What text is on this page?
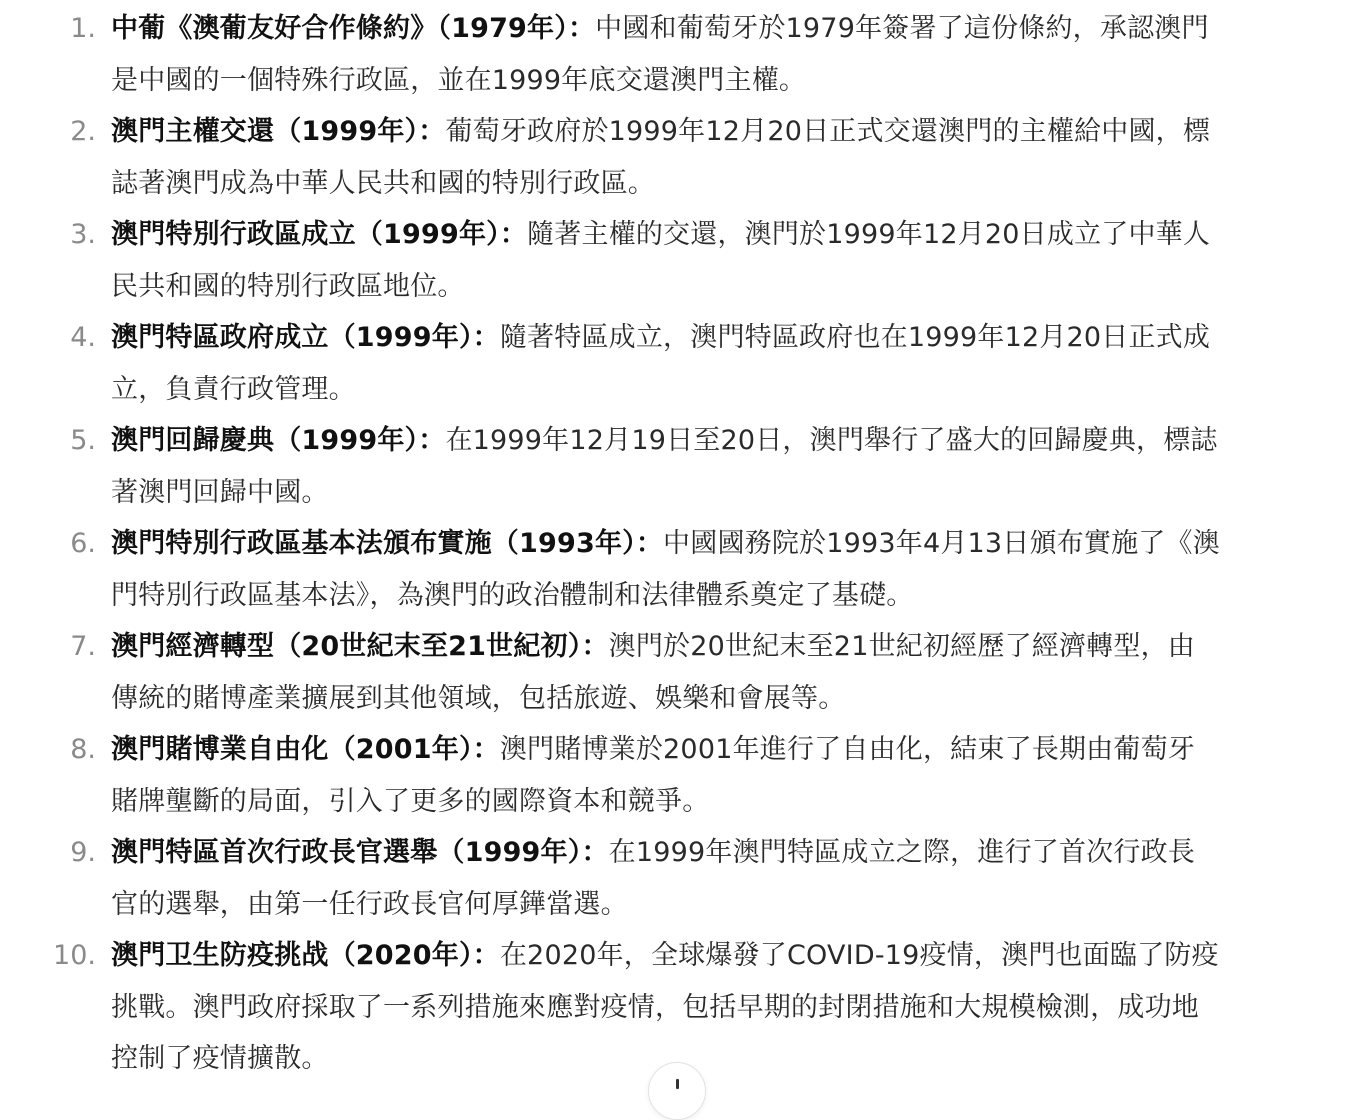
1. 中葡《澳葡友好合作條約》（1979年）：中國和葡萄牙於1979年簽署了這份條約，承認澳門是中國的一個特殊行政區，並在1999年底交還澳門主權。
2. 澳門主權交還（1999年）：葡萄牙政府於1999年12月20日正式交還澳門的主權給中國，標誌著澳門成為中華人民共和國的特別行政區。
3. 澳門特別行政區成立（1999年）：隨著主權的交還，澳門於1999年12月20日成立了中華人民共和國的特別行政區地位。
4. 澳門特區政府成立（1999年）：隨著特區成立，澳門特區政府也在1999年12月20日正式成立，負責行政管理。
5. 澳門回歸慶典（1999年）：在1999年12月19日至20日，澳門舉行了盛大的回歸慶典，標誌著澳門回歸中國。
6. 澳門特別行政區基本法頒布實施（1993年）：中國國務院於1993年4月13日頒布實施了《澳門特別行政區基本法》，為澳門的政治體制和法律體系奠定了基礎。
7. 澳門經濟轉型（20世紀末至21世紀初）：澳門於20世紀末至21世紀初經歷了經濟轉型，由傳統的賭博產業擴展到其他領域，包括旅遊、娛樂和會展等。
8. 澳門賭博業自由化（2001年）：澳門賭博業於2001年進行了自由化，結束了長期由葡萄牙賭牌壟斷的局面，引入了更多的國際資本和競爭。
9. 澳門特區首次行政長官選舉（1999年）：在1999年澳門特區成立之際，進行了首次行政長官的選舉，由第一任行政長官何厚鏵當選。
10. 澳門卫生防疫挑战（2020年）：在2020年，全球爆發了COVID-19疫情，澳門也面臨了防疫挑戰。澳門政府採取了一系列措施來應對疫情，包括早期的封閉措施和大規模檢測，成功地控制了疫情擴散。
